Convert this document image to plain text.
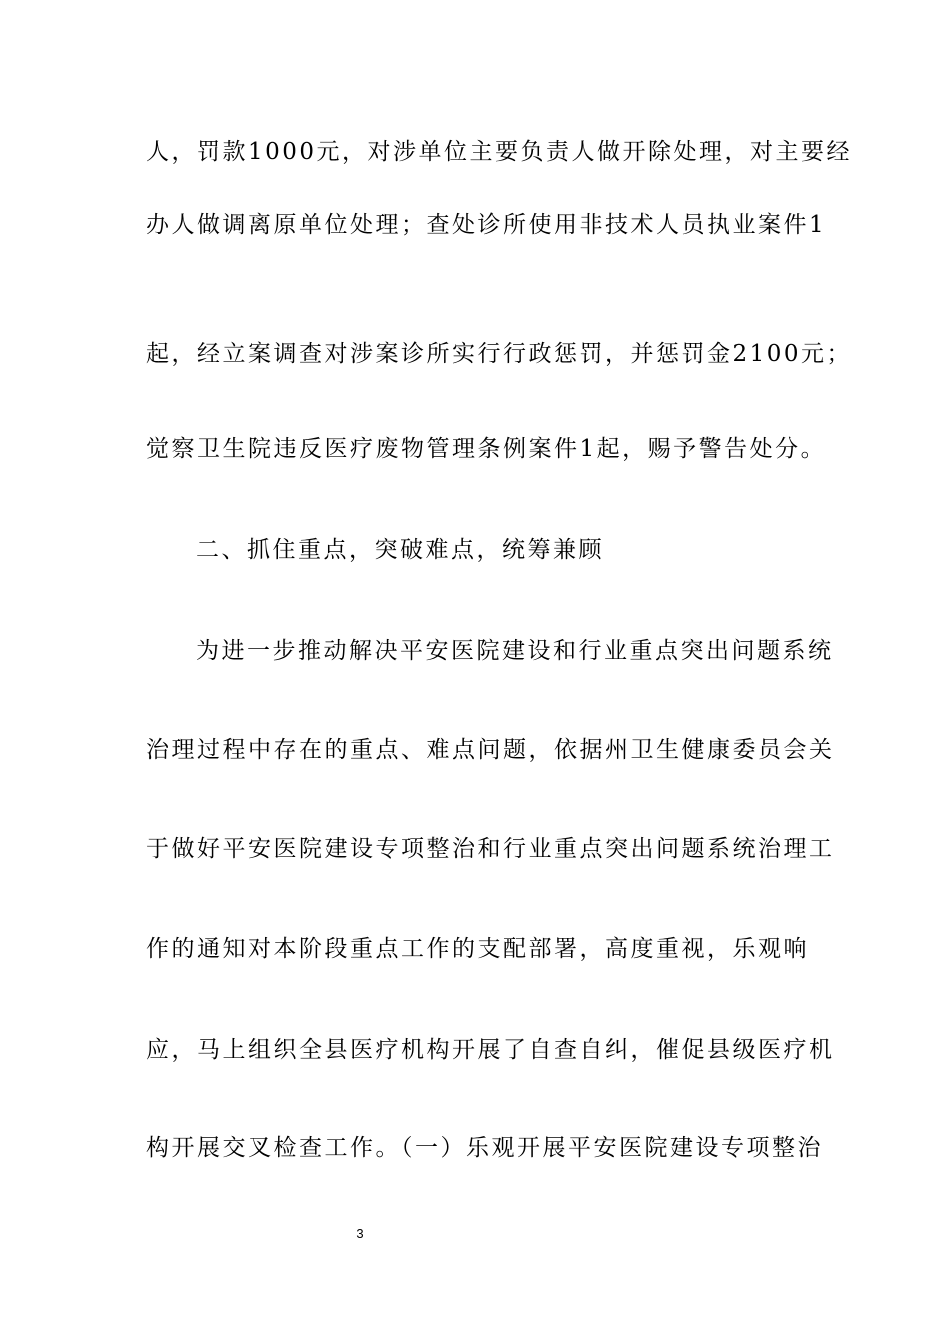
人，罚款1000元，对涉单位主要负责人做开除处理，对主要经
办人做调离原单位处理；查处诊所使用非技术人员执业案件1
起，经立案调查对涉案诊所实行行政惩罚，并惩罚金2100元；
觉察卫生院违反医疗废物管理条例案件1起，赐予警告处分。
二、抓住重点，突破难点，统筹兼顾
为进一步推动解决平安医院建设和行业重点突出问题系统
治理过程中存在的重点、难点问题，依据州卫生健康委员会关
于做好平安医院建设专项整治和行业重点突出问题系统治理工
作的通知对本阶段重点工作的支配部署，高度重视，乐观响
应，马上组织全县医疗机构开展了自查自纠，催促县级医疗机
构开展交叉检查工作。（一）乐观开展平安医院建设专项整治
3
